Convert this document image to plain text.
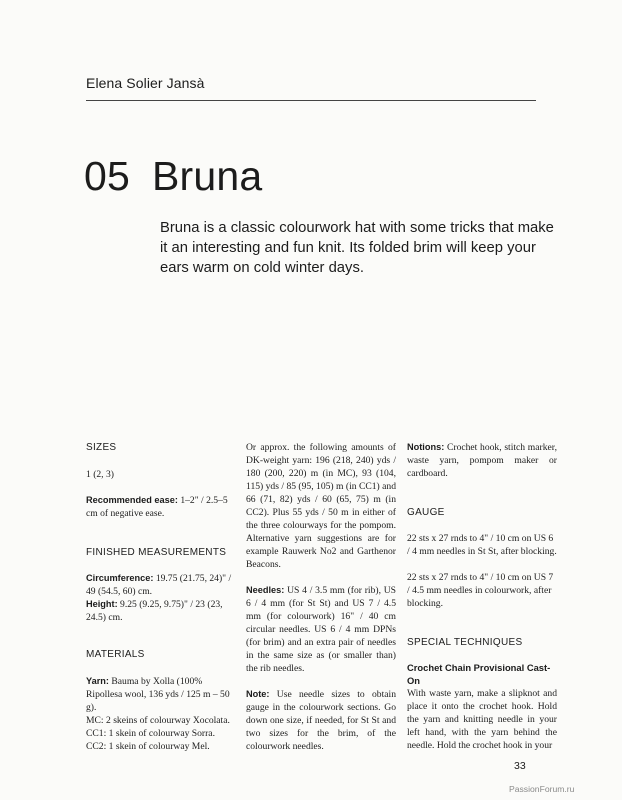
Elena Solier Jansà
05 Bruna

Bruna is a classic colourwork hat with some tricks that make it an interesting and fun knit. Its folded brim will keep your ears warm on cold winter days.

SIZES

1 (2, 3)

Recommended ease: 1–2" / 2.5–5 cm of negative ease.

FINISHED MEASUREMENTS

Circumference: 19.75 (21.75, 24)" / 49 (54.5, 60) cm.

Height: 9.25 (9.25, 9.75)" / 23 (23, 24.5) cm.

MATERIALS

Yarn: Bauma by Xolla (100% Ripollesa wool, 136 yds / 125 m – 50 g).

MC: 2 skeins of colourway Xocolata.

CC1: 1 skein of colourway Sorra.

CC2: 1 skein of colourway Mel.

Or approx. the following amounts of DK-weight yarn: 196 (218, 240) yds / 180 (200, 220) m (in MC), 93 (104, 115) yds / 85 (95, 105) m (in CC1) and 66 (71, 82) yds / 60 (65, 75) m (in CC2). Plus 55 yds / 50 m in either of the three colourways for the pompom. Alternative yarn suggestions are for example Rauwerk No2 and Garthenor Beacons.

Needles: US 4 / 3.5 mm (for rib), US 6 / 4 mm (for St St) and US 7 / 4.5 mm (for colourwork) 16" / 40 cm circular needles. US 6 / 4 mm DPNs (for brim) and an extra pair of needles in the same size as (or smaller than) the rib needles.

Note: Use needle sizes to obtain gauge in the colourwork sections. Go down one size, if needed, for St St and two sizes for the brim, of the colourwork needles.

Notions: Crochet hook, stitch marker, waste yarn, pompom maker or cardboard.

GAUGE

22 sts x 27 rnds to 4" / 10 cm on US 6 / 4 mm needles in St St, after blocking.

22 sts x 27 rnds to 4" / 10 cm on US 7 / 4.5 mm needles in colourwork, after blocking.

SPECIAL TECHNIQUES

Crochet Chain Provisional Cast-On

With waste yarn, make a slipknot and place it onto the crochet hook. Hold the yarn and knitting needle in your left hand, with the yarn behind the needle. Hold the crochet hook in your

33
PassionForum.ru
